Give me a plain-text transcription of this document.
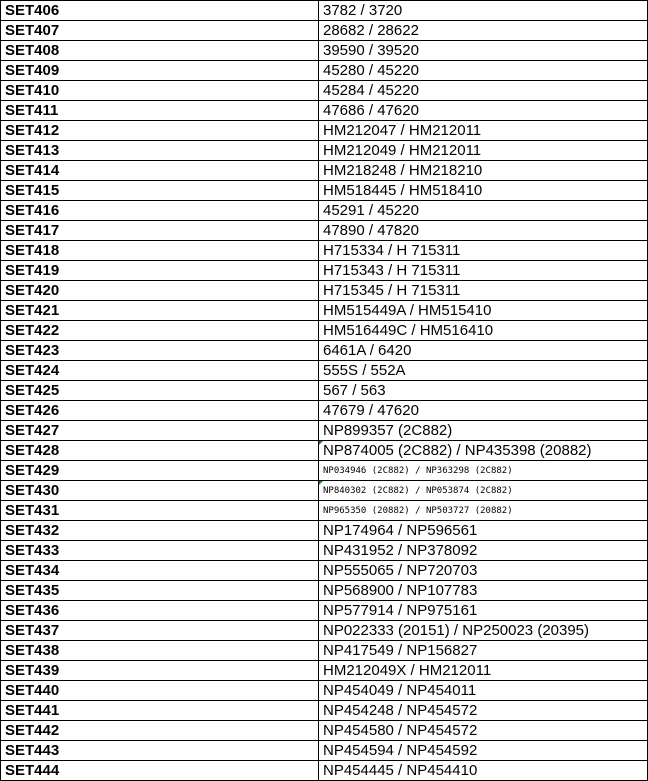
SET406	3782 / 3720
SET407	28682 / 28622
SET408	39590 / 39520
SET409	45280 / 45220
SET410	45284 / 45220
SET411	47686 / 47620
SET412	HM212047 / HM212011
SET413	HM212049 / HM212011
SET414	HM218248 / HM218210
SET415	HM518445 / HM518410
SET416	45291 / 45220
SET417	47890 / 47820
SET418	H715334 / H 715311
SET419	H715343 / H 715311
SET420	H715345 / H 715311
SET421	HM515449A / HM515410
SET422	HM516449C / HM516410
SET423	6461A / 6420
SET424	555S / 552A
SET425	567 / 563
SET426	47679 / 47620
SET427	NP899357 (2C882)
SET428	NP874005 (2C882) / NP435398 (20882)
SET429	NP034946 (2C882) / NP363298 (2C882)
SET430	NP840302 (2C882) / NP053874 (2C882)
SET431	NP965350 (20882) / NP503727 (20882)
SET432	NP174964 / NP596561
SET433	NP431952 / NP378092
SET434	NP555065 / NP720703
SET435	NP568900 / NP107783
SET436	NP577914 / NP975161
SET437	NP022333 (20151) / NP250023 (20395)
SET438	NP417549 / NP156827
SET439	HM212049X / HM212011
SET440	NP454049 / NP454011
SET441	NP454248 / NP454572
SET442	NP454580 / NP454572
SET443	NP454594 / NP454592
SET444	NP454445 / NP454410
